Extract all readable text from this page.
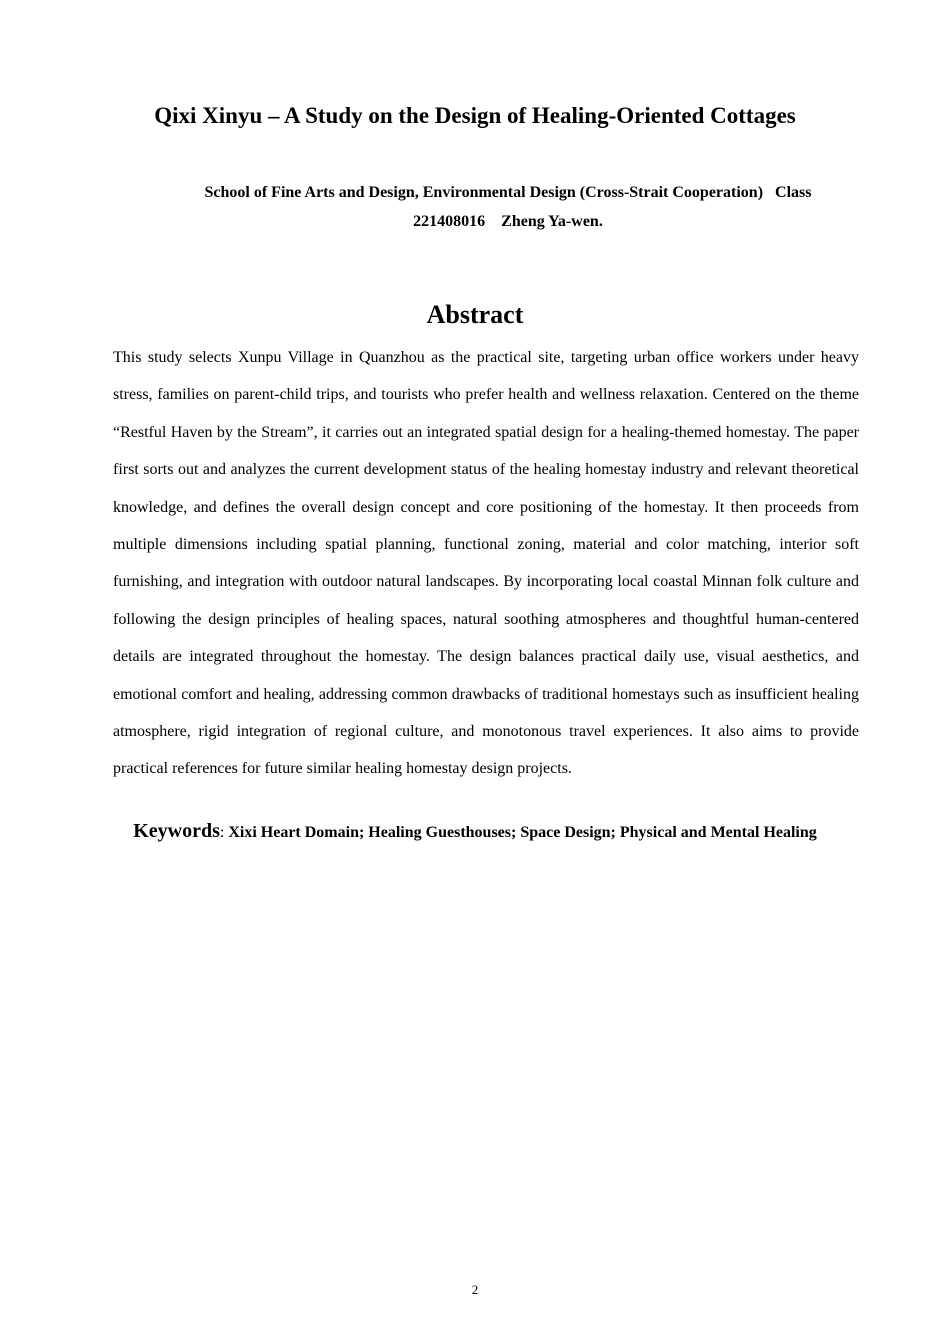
Qixi Xinyu – A Study on the Design of Healing-Oriented Cottages

School of Fine Arts and Design, Environmental Design (Cross-Strait Cooperation) Class 221408016 Zheng Ya-wen.

Abstract

This study selects Xunpu Village in Quanzhou as the practical site, targeting urban office workers under heavy stress, families on parent-child trips, and tourists who prefer health and wellness relaxation. Centered on the theme “Restful Haven by the Stream”, it carries out an integrated spatial design for a healing-themed homestay. The paper first sorts out and analyzes the current development status of the healing homestay industry and relevant theoretical knowledge, and defines the overall design concept and core positioning of the homestay. It then proceeds from multiple dimensions including spatial planning, functional zoning, material and color matching, interior soft furnishing, and integration with outdoor natural landscapes. By incorporating local coastal Minnan folk culture and following the design principles of healing spaces, natural soothing atmospheres and thoughtful human-centered details are integrated throughout the homestay. The design balances practical daily use, visual aesthetics, and emotional comfort and healing, addressing common drawbacks of traditional homestays such as insufficient healing atmosphere, rigid integration of regional culture, and monotonous travel experiences. It also aims to provide practical references for future similar healing homestay design projects.

Keywords: Xixi Heart Domain; Healing Guesthouses; Space Design; Physical and Mental Healing

2
